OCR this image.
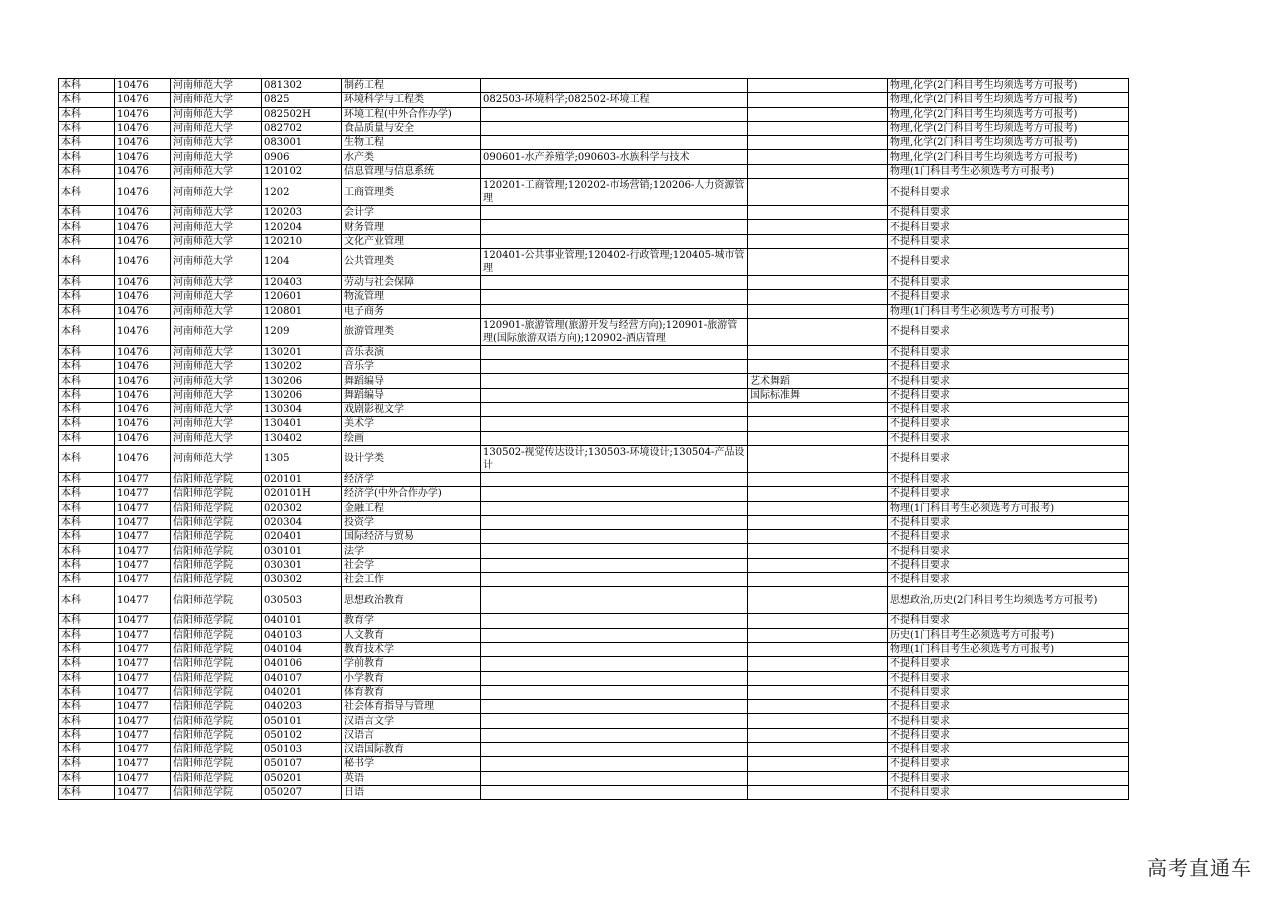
本科	10476	河南师范大学	081302	制药工程			物理,化学(2门科目考生均须选考方可报考)
本科	10476	河南师范大学	0825	环境科学与工程类	082503-环境科学;082502-环境工程		物理,化学(2门科目考生均须选考方可报考)
本科	10476	河南师范大学	082502H	环境工程(中外合作办学)			物理,化学(2门科目考生均须选考方可报考)
本科	10476	河南师范大学	082702	食品质量与安全			物理,化学(2门科目考生均须选考方可报考)
本科	10476	河南师范大学	083001	生物工程			物理,化学(2门科目考生均须选考方可报考)
本科	10476	河南师范大学	0906	水产类	090601-水产养殖学;090603-水族科学与技术		物理,化学(2门科目考生均须选考方可报考)
本科	10476	河南师范大学	120102	信息管理与信息系统			物理(1门科目考生必须选考方可报考)
本科	10476	河南师范大学	1202	工商管理类	120201-工商管理;120202-市场营销;120206-人力资源管理		不提科目要求
本科	10476	河南师范大学	120203	会计学			不提科目要求
本科	10476	河南师范大学	120204	财务管理			不提科目要求
本科	10476	河南师范大学	120210	文化产业管理			不提科目要求
本科	10476	河南师范大学	1204	公共管理类	120401-公共事业管理;120402-行政管理;120405-城市管理		不提科目要求
本科	10476	河南师范大学	120403	劳动与社会保障			不提科目要求
本科	10476	河南师范大学	120601	物流管理			不提科目要求
本科	10476	河南师范大学	120801	电子商务			物理(1门科目考生必须选考方可报考)
本科	10476	河南师范大学	1209	旅游管理类	120901-旅游管理(旅游开发与经营方向);120901-旅游管理(国际旅游双语方向);120902-酒店管理		不提科目要求
本科	10476	河南师范大学	130201	音乐表演			不提科目要求
本科	10476	河南师范大学	130202	音乐学			不提科目要求
本科	10476	河南师范大学	130206	舞蹈编导		艺术舞蹈	不提科目要求
本科	10476	河南师范大学	130206	舞蹈编导		国际标准舞	不提科目要求
本科	10476	河南师范大学	130304	戏剧影视文学			不提科目要求
本科	10476	河南师范大学	130401	美术学			不提科目要求
本科	10476	河南师范大学	130402	绘画			不提科目要求
本科	10476	河南师范大学	1305	设计学类	130502-视觉传达设计;130503-环境设计;130504-产品设计		不提科目要求
本科	10477	信阳师范学院	020101	经济学			不提科目要求
本科	10477	信阳师范学院	020101H	经济学(中外合作办学)			不提科目要求
本科	10477	信阳师范学院	020302	金融工程			物理(1门科目考生必须选考方可报考)
本科	10477	信阳师范学院	020304	投资学			不提科目要求
本科	10477	信阳师范学院	020401	国际经济与贸易			不提科目要求
本科	10477	信阳师范学院	030101	法学			不提科目要求
本科	10477	信阳师范学院	030301	社会学			不提科目要求
本科	10477	信阳师范学院	030302	社会工作			不提科目要求
本科	10477	信阳师范学院	030503	思想政治教育			思想政治,历史(2门科目考生均须选考方可报考)
本科	10477	信阳师范学院	040101	教育学			不提科目要求
本科	10477	信阳师范学院	040103	人文教育			历史(1门科目考生必须选考方可报考)
本科	10477	信阳师范学院	040104	教育技术学			物理(1门科目考生必须选考方可报考)
本科	10477	信阳师范学院	040106	学前教育			不提科目要求
本科	10477	信阳师范学院	040107	小学教育			不提科目要求
本科	10477	信阳师范学院	040201	体育教育			不提科目要求
本科	10477	信阳师范学院	040203	社会体育指导与管理			不提科目要求
本科	10477	信阳师范学院	050101	汉语言文学			不提科目要求
本科	10477	信阳师范学院	050102	汉语言			不提科目要求
本科	10477	信阳师范学院	050103	汉语国际教育			不提科目要求
本科	10477	信阳师范学院	050107	秘书学			不提科目要求
本科	10477	信阳师范学院	050201	英语			不提科目要求
本科	10477	信阳师范学院	050207	日语			不提科目要求
高考直通车
